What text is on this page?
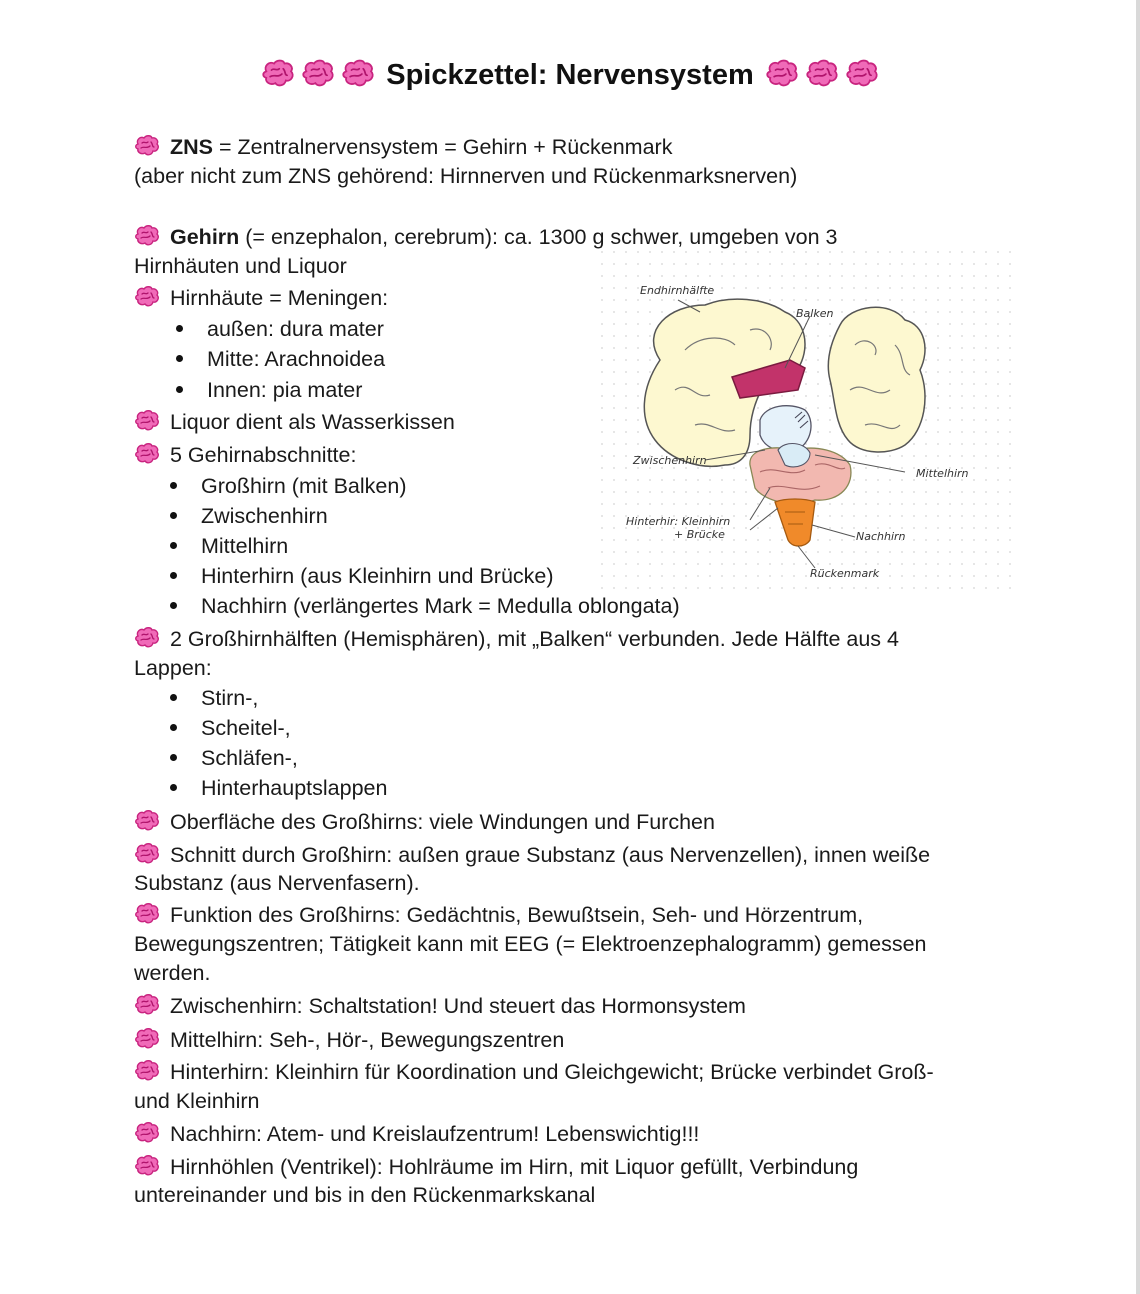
Spickzettel: Nervensystem
ZNS = Zentralnervensystem = Gehirn + Rückenmark
(aber nicht zum ZNS gehörend: Hirnnerven und Rückenmarksnerven)
Gehirn (= enzephalon, cerebrum): ca. 1300 g schwer, umgeben von 3
Hirnhäuten und Liquor
Hirnhäute = Meningen:
außen: dura mater
Mitte: Arachnoidea
Innen: pia mater
Liquor dient als Wasserkissen
5 Gehirnabschnitte:
Großhirn (mit Balken)
Zwischenhirn
Mittelhirn
Hinterhirn (aus Kleinhirn und Brücke)
Nachhirn (verlängertes Mark = Medulla oblongata)
2 Großhirnhälften (Hemisphären), mit „Balken“ verbunden. Jede Hälfte aus 4
Lappen:
Stirn-,
Scheitel-,
Schläfen-,
Hinterhauptslappen
Oberfläche des Großhirns: viele Windungen und Furchen
Schnitt durch Großhirn: außen graue Substanz (aus Nervenzellen), innen weiße
Substanz (aus Nervenfasern).
Funktion des Großhirns: Gedächtnis, Bewußtsein, Seh- und Hörzentrum,
Bewegungszentren; Tätigkeit kann mit EEG (= Elektroenzephalogramm) gemessen
werden.
Zwischenhirn: Schaltstation! Und steuert das Hormonsystem
Mittelhirn: Seh-, Hör-, Bewegungszentren
Hinterhirn: Kleinhirn für Koordination und Gleichgewicht; Brücke verbindet Groß-
und Kleinhirn
Nachhirn: Atem- und Kreislaufzentrum! Lebenswichtig!!!
Hirnhöhlen (Ventrikel): Hohlräume im Hirn, mit Liquor gefüllt, Verbindung
untereinander und bis in den Rückenmarkskanal
Endhirnhälfte
Balken
Zwischenhirn
Mittelhirn
Hinterhir: Kleinhirn
+ Brücke	Nachhirn
Rückenmark
